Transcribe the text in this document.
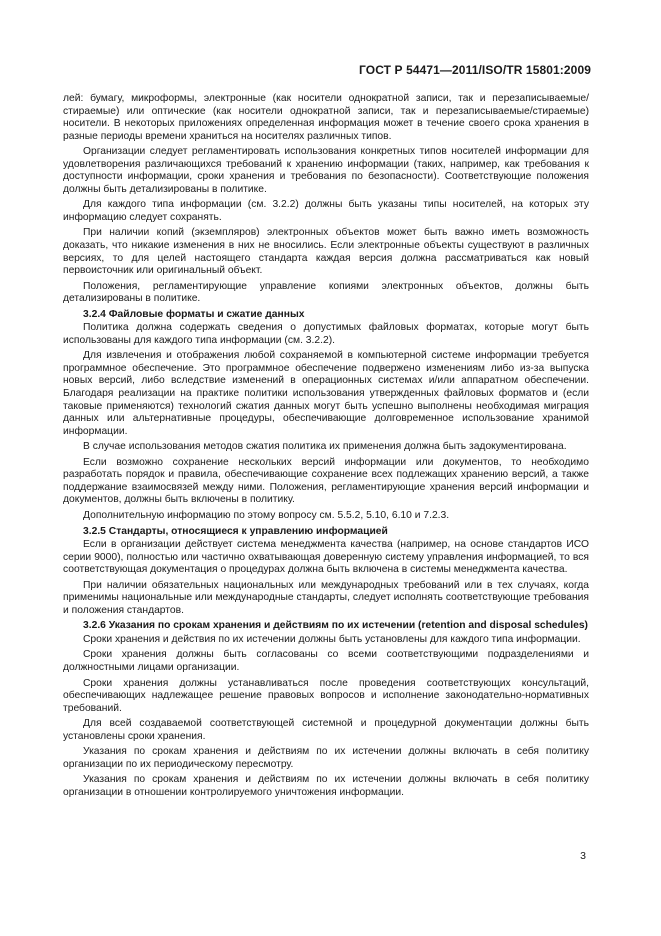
ГОСТ Р 54471—2011/ISO/TR 15801:2009

лей: бумагу, микроформы, электронные (как носители однократной записи, так и перезаписываемые/стираемые) или оптические (как носители однократной записи, так и перезаписываемые/стираемые) носители. В некоторых приложениях определенная информация может в течение своего срока хранения в разные периоды времени храниться на носителях различных типов.

Организации следует регламентировать использования конкретных типов носителей информации для удовлетворения различающихся требований к хранению информации (таких, например, как требования к доступности информации, сроки хранения и требования по безопасности). Соответствующие положения должны быть детализированы в политике.

Для каждого типа информации (см. 3.2.2) должны быть указаны типы носителей, на которых эту информацию следует сохранять.

При наличии копий (экземпляров) электронных объектов может быть важно иметь возможность доказать, что никакие изменения в них не вносились. Если электронные объекты существуют в различных версиях, то для целей настоящего стандарта каждая версия должна рассматриваться как новый первоисточник или оригинальный объект.

Положения, регламентирующие управление копиями электронных объектов, должны быть детализированы в политике.

3.2.4 Файловые форматы и сжатие данных

Политика должна содержать сведения о допустимых файловых форматах, которые могут быть использованы для каждого типа информации (см. 3.2.2).

Для извлечения и отображения любой сохраняемой в компьютерной системе информации требуется программное обеспечение. Это программное обеспечение подвержено изменениям либо из-за выпуска новых версий, либо вследствие изменений в операционных системах и/или аппаратном обеспечении. Благодаря реализации на практике политики использования утвержденных файловых форматов и (если таковые применяются) технологий сжатия данных могут быть успешно выполнены необходимая миграция данных или альтернативные процедуры, обеспечивающие долговременное использование хранимой информации.

В случае использования методов сжатия политика их применения должна быть задокументирована.

Если возможно сохранение нескольких версий информации или документов, то необходимо разработать порядок и правила, обеспечивающие сохранение всех подлежащих хранению версий, а также поддержание взаимосвязей между ними. Положения, регламентирующие хранения версий информации и документов, должны быть включены в политику.

Дополнительную информацию по этому вопросу см. 5.5.2, 5.10, 6.10 и 7.2.3.

3.2.5 Стандарты, относящиеся к управлению информацией

Если в организации действует система менеджмента качества (например, на основе стандартов ИСО серии 9000), полностью или частично охватывающая доверенную систему управления информацией, то вся соответствующая документация о процедурах должна быть включена в системы менеджмента качества.

При наличии обязательных национальных или международных требований или в тех случаях, когда применимы национальные или международные стандарты, следует исполнять соответствующие требования и положения стандартов.

3.2.6 Указания по срокам хранения и действиям по их истечении (retention and disposal schedules)

Сроки хранения и действия по их истечении должны быть установлены для каждого типа информации.

Сроки хранения должны быть согласованы со всеми соответствующими подразделениями и должностными лицами организации.

Сроки хранения должны устанавливаться после проведения соответствующих консультаций, обеспечивающих надлежащее решение правовых вопросов и исполнение законодательно-нормативных требований.

Для всей создаваемой соответствующей системной и процедурной документации должны быть установлены сроки хранения.

Указания по срокам хранения и действиям по их истечении должны включать в себя политику организации по их периодическому пересмотру.

Указания по срокам хранения и действиям по их истечении должны включать в себя политику организации в отношении контролируемого уничтожения информации.

3
